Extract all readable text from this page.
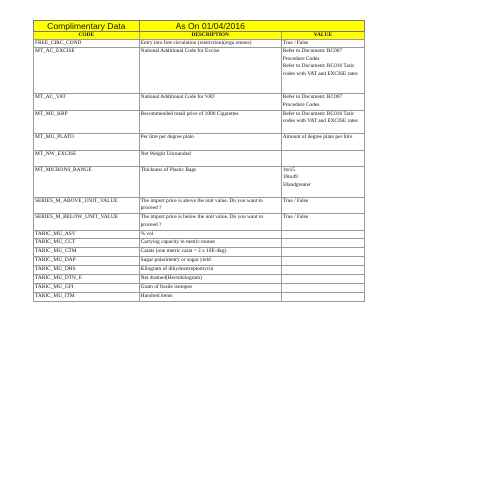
Complimentary Data	As On 01/04/2016	
CODE	DESCRIPTION	VALUE
FREE_CIRC_COND	Entry into free circulation (restriction)(erga omnes)	True / False
MT_AC_EXCISE	National Additional Code for Excise	Refer to Document: RC007 Procedure Codes
Refer to Document: RC016 Taric codes with VAT and EXCISE rates
MT_AC_VAT	National Additional Code for VAT	Refer to Document: RC007 Procedure Codes
MT_MU_KRP	Recommended retail price of 1000 Cigarettes	Refer to Document: RC016 Taric codes with VAT and EXCISE rates
MT_MU_PLATO	Per litre per degree plato	Amount of degree plato per litre
MT_NW_EXCISE	Net Weight Unrounded	
MT_MICRONS_RANGE	Thickness of Plastic Bags	1to15
16to49
50andgreater
SERIES_M_ABOVE_UNIT_VALUE	The import price is above the unit value. Do you want to proceed ?	True / False
SERIES_M_BELOW_UNIT_VALUE	The import price is below the unit value. Do you want to proceed ?	True / False
TARIC_MU_ASV	% vol	
TARIC_MU_CCT	Carrying capacity in metric tonnes	
TARIC_MU_CTM	Carats (one metric carat = 2 x 10E-4kg)	
TARIC_MU_DAP	Sugar polarimetry or sugar yield	
TARIC_MU_DHS	Kilogram of dihydrostreptomycin	
TARIC_MU_DTN_E	Net drained(Hectokilogram)	
TARIC_MU_GFI	Gram of fissile isotopes	
TARIC_MU_ITM	Hundred items	
